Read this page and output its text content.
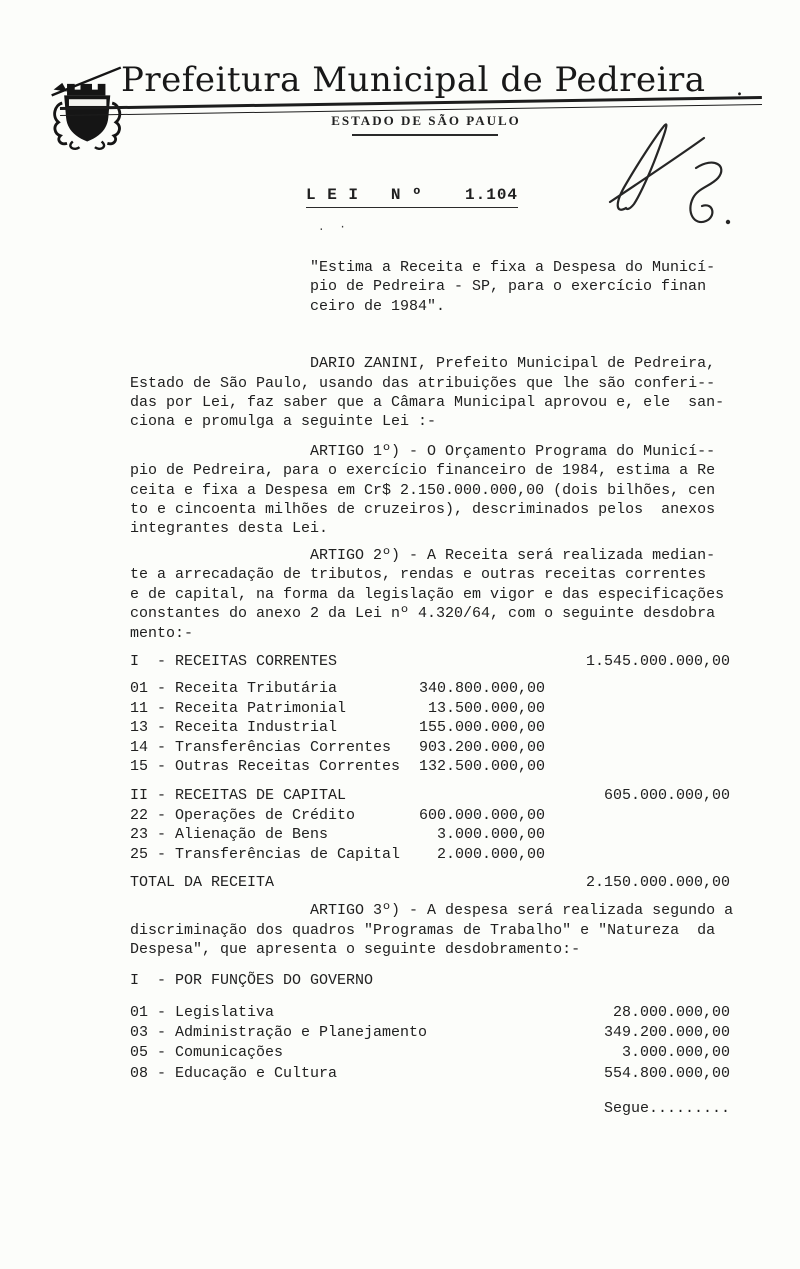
Prefeitura Municipal de Pedreira	.
ESTADO DE SÃO PAULO
L E I   N º    1.104
. ·
"Estima a Receita e fixa a Despesa do Municí-
pio de Pedreira - SP, para o exercício finan
ceiro de 1984".
DARIO ZANINI, Prefeito Municipal de Pedreira,
Estado de São Paulo, usando das atribuições que lhe são conferi--
das por Lei, faz saber que a Câmara Municipal aprovou e, ele  san-
ciona e promulga a seguinte Lei :-
ARTIGO 1º) - O Orçamento Programa do Municí--
pio de Pedreira, para o exercício financeiro de 1984, estima a Re
ceita e fixa a Despesa em Cr$ 2.150.000.000,00 (dois bilhões, cen
to e cincoenta milhões de cruzeiros), descriminados pelos  anexos
integrantes desta Lei.
ARTIGO 2º) - A Receita será realizada median-
te a arrecadação de tributos, rendas e outras receitas correntes
e de capital, na forma da legislação em vigor e das especificações
constantes do anexo 2 da Lei nº 4.320/64, com o seguinte desdobra
mento:-
I  - RECEITAS CORRENTES	1.545.000.000,00
01 - Receita Tributária	340.800.000,00
11 - Receita Patrimonial	13.500.000,00
13 - Receita Industrial	155.000.000,00
14 - Transferências Correntes	903.200.000,00
15 - Outras Receitas Correntes	132.500.000,00
II - RECEITAS DE CAPITAL	605.000.000,00
22 - Operações de Crédito	600.000.000,00
23 - Alienação de Bens	3.000.000,00
25 - Transferências de Capital	2.000.000,00
TOTAL DA RECEITA	2.150.000.000,00
ARTIGO 3º) - A despesa será realizada segundo a
discriminação dos quadros "Programas de Trabalho" e "Natureza  da
Despesa", que apresenta o seguinte desdobramento:-
I  - POR FUNÇÕES DO GOVERNO
01 - Legislativa	28.000.000,00
03 - Administração e Planejamento	349.200.000,00
05 - Comunicações	3.000.000,00
08 - Educação e Cultura	554.800.000,00
Segue.........
